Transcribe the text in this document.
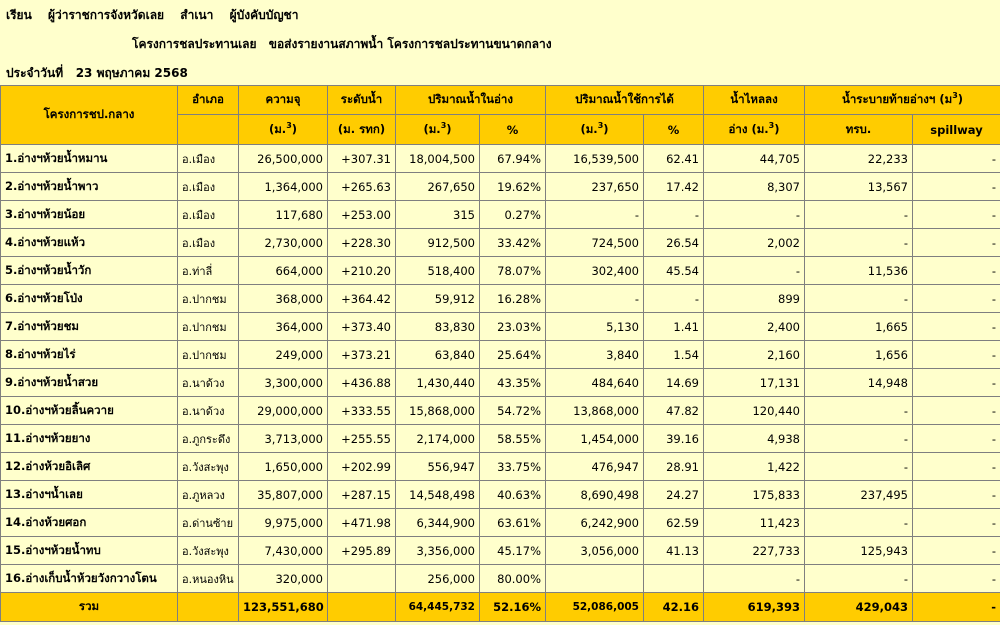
เรียน ผู้ว่าราชการจังหวัดเลย สำเนา ผู้บังคับบัญชา
โครงการชลประทานเลย ขอส่งรายงานสภาพน้ำ โครงการชลประทานขนาดกลาง
ประจำวันที่ 23 พฤษภาคม 2568
โครงการชป.กลาง	อำเภอ	ความจุ	ระดับน้ำ	ปริมาณน้ำในอ่าง		ปริมาณน้ำใช้การได้		น้ำไหลลง	น้ำระบายท้ายอ่างฯ (ม$^3$)	
		(ม.$^3$)	(ม. รทก)	(ม.$^3$)	%	(ม.$^3$)	%	อ่าง (ม.$^3$)	ทรบ.	spillway
1.อ่างฯห้วยน้ำหมาน	อ.เมือง	26,500,000	+307.31	18,004,500	67.94%	16,539,500	62.41	44,705	22,233	-
2.อ่างฯห้วยน้ำพาว	อ.เมือง	1,364,000	+265.63	267,650	19.62%	237,650	17.42	8,307	13,567	-
3.อ่างฯห้วยน้อย	อ.เมือง	117,680	+253.00	315	0.27%	-	-	-	-	-
4.อ่างฯห้วยแห้ว	อ.เมือง	2,730,000	+228.30	912,500	33.42%	724,500	26.54	2,002	-	-
5.อ่างฯห้วยน้ำวัก	อ.ท่าลี่	664,000	+210.20	518,400	78.07%	302,400	45.54	-	11,536	-
6.อ่างฯห้วยโป่ง	อ.ปากชม	368,000	+364.42	59,912	16.28%	-	-	899	-	-
7.อ่างฯห้วยชม	อ.ปากชม	364,000	+373.40	83,830	23.03%	5,130	1.41	2,400	1,665	-
8.อ่างฯห้วยไร่	อ.ปากชม	249,000	+373.21	63,840	25.64%	3,840	1.54	2,160	1,656	-
9.อ่างฯห้วยน้ำสวย	อ.นาด้วง	3,300,000	+436.88	1,430,440	43.35%	484,640	14.69	17,131	14,948	-
10.อ่างฯห้วยลิ้นควาย	อ.นาด้วง	29,000,000	+333.55	15,868,000	54.72%	13,868,000	47.82	120,440	-	-
11.อ่างฯห้วยยาง	อ.ภูกระดึง	3,713,000	+255.55	2,174,000	58.55%	1,454,000	39.16	4,938	-	-
12.อ่างห้วยอิเลิศ	อ.วังสะพุง	1,650,000	+202.99	556,947	33.75%	476,947	28.91	1,422	-	-
13.อ่างฯน้ำเลย	อ.ภูหลวง	35,807,000	+287.15	14,548,498	40.63%	8,690,498	24.27	175,833	237,495	-
14.อ่างห้วยศอก	อ.ด่านซ้าย	9,975,000	+471.98	6,344,900	63.61%	6,242,900	62.59	11,423	-	-
15.อ่างฯห้วยน้ำทบ	อ.วังสะพุง	7,430,000	+295.89	3,356,000	45.17%	3,056,000	41.13	227,733	125,943	-
16.อ่างเก็บน้ำห้วยวังกวางโตน	อ.หนองหิน	320,000		256,000	80.00%			-	-	-
รวม		123,551,680		64,445,732	52.16%	52,086,005	42.16	619,393	429,043	-
